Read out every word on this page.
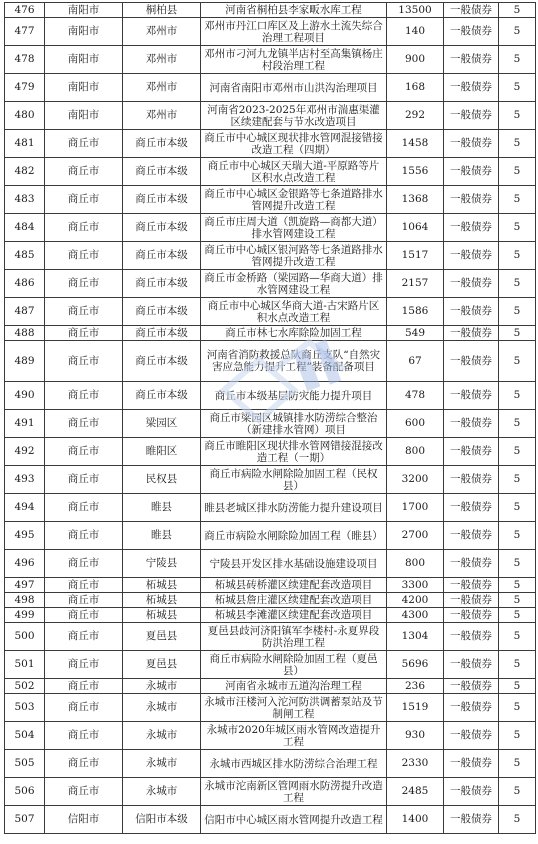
476	南阳市	桐柏县	河南省桐柏县李家畈水库工程	13500	一般债券	5
477	南阳市	邓州市	邓州市丹江口库区及上游水土流失综合治理工程项目	140	一般债券	5
478	南阳市	邓州市	邓州市刁河九龙镇半店村至高集镇杨庄村段治理工程	900	一般债券	5
479	南阳市	邓州市	河南省南阳市邓州市山洪沟治理项目	168	一般债券	5
480	南阳市	邓州市	河南省2023-2025年邓州市湍惠渠灌区续建配套与节水改造项目	292	一般债券	5
481	商丘市	商丘市本级	商丘市中心城区现状排水管网混接错接改造工程（四期）	1458	一般债券	5
482	商丘市	商丘市本级	商丘市中心城区天瑞大道-平原路等片区积水点改造工程	1556	一般债券	5
483	商丘市	商丘市本级	商丘市中心城区金银路等七条道路排水管网提升改造工程	1368	一般债券	5
484	商丘市	商丘市本级	商丘市庄周大道（凯旋路—商都大道）排水管网建设工程	1064	一般债券	5
485	商丘市	商丘市本级	商丘市中心城区银河路等七条道路排水管网提升改造工程	1517	一般债券	5
486	商丘市	商丘市本级	商丘市金桥路（梁园路—华商大道）排水管网建设工程	2157	一般债券	5
487	商丘市	商丘市本级	商丘市中心城区华商大道-古宋路片区积水点改造工程	1586	一般债券	5
488	商丘市	商丘市本级	商丘市林七水库除险加固工程	549	一般债券	5
489	商丘市	商丘市本级	河南省消防救援总队商丘支队“自然灾害应急能力提升工程”装备配备项目	67	一般债券	5
490	商丘市	商丘市本级	商丘市本级基层防灾能力提升项目	478	一般债券	5
491	商丘市	梁园区	商丘市梁园区城镇排水防涝综合整治（新建排水管网）项目	600	一般债券	5
492	商丘市	睢阳区	商丘市睢阳区现状排水管网错接混接改造工程（一期）	800	一般债券	5
493	商丘市	民权县	商丘市病险水闸除险加固工程（民权县）	3200	一般债券	5
494	商丘市	睢县	睢县老城区排水防涝能力提升建设项目	1700	一般债券	5
495	商丘市	睢县	商丘市病险水闸除险加固工程（睢县）	2700	一般债券	5
496	商丘市	宁陵县	宁陵县开发区排水基础设施建设项目	800	一般债券	5
497	商丘市	柘城县	柘城县砖桥灌区续建配套改造项目	3300	一般债券	5
498	商丘市	柘城县	柘城县詹庄灌区续建配套改造项目	4200	一般债券	5
499	商丘市	柘城县	柘城县李滩灌区续建配套改造项目	4300	一般债券	5
500	商丘市	夏邑县	夏邑县歧河济阳镇军李楼村-永夏界段防洪治理工程	1304	一般债券	5
501	商丘市	夏邑县	商丘市病险水闸除险加固工程（夏邑县）	5696	一般债券	5
502	商丘市	永城市	河南省永城市五道沟治理工程	236	一般债券	5
503	商丘市	永城市	永城市汪楼河入沱河防洪调蓄泵站及节制闸工程	1519	一般债券	5
504	商丘市	永城市	永城市2020年城区雨水管网改造提升工程	930	一般债券	5
505	商丘市	永城市	永城市西城区排水防涝综合治理工程	2330	一般债券	5
506	商丘市	永城市	永城市沱南新区管网雨水防涝提升改造工程	2485	一般债券	5
507	信阳市	信阳市本级	信阳市中心城区雨水管网提升改造工程	1400	一般债券	5
